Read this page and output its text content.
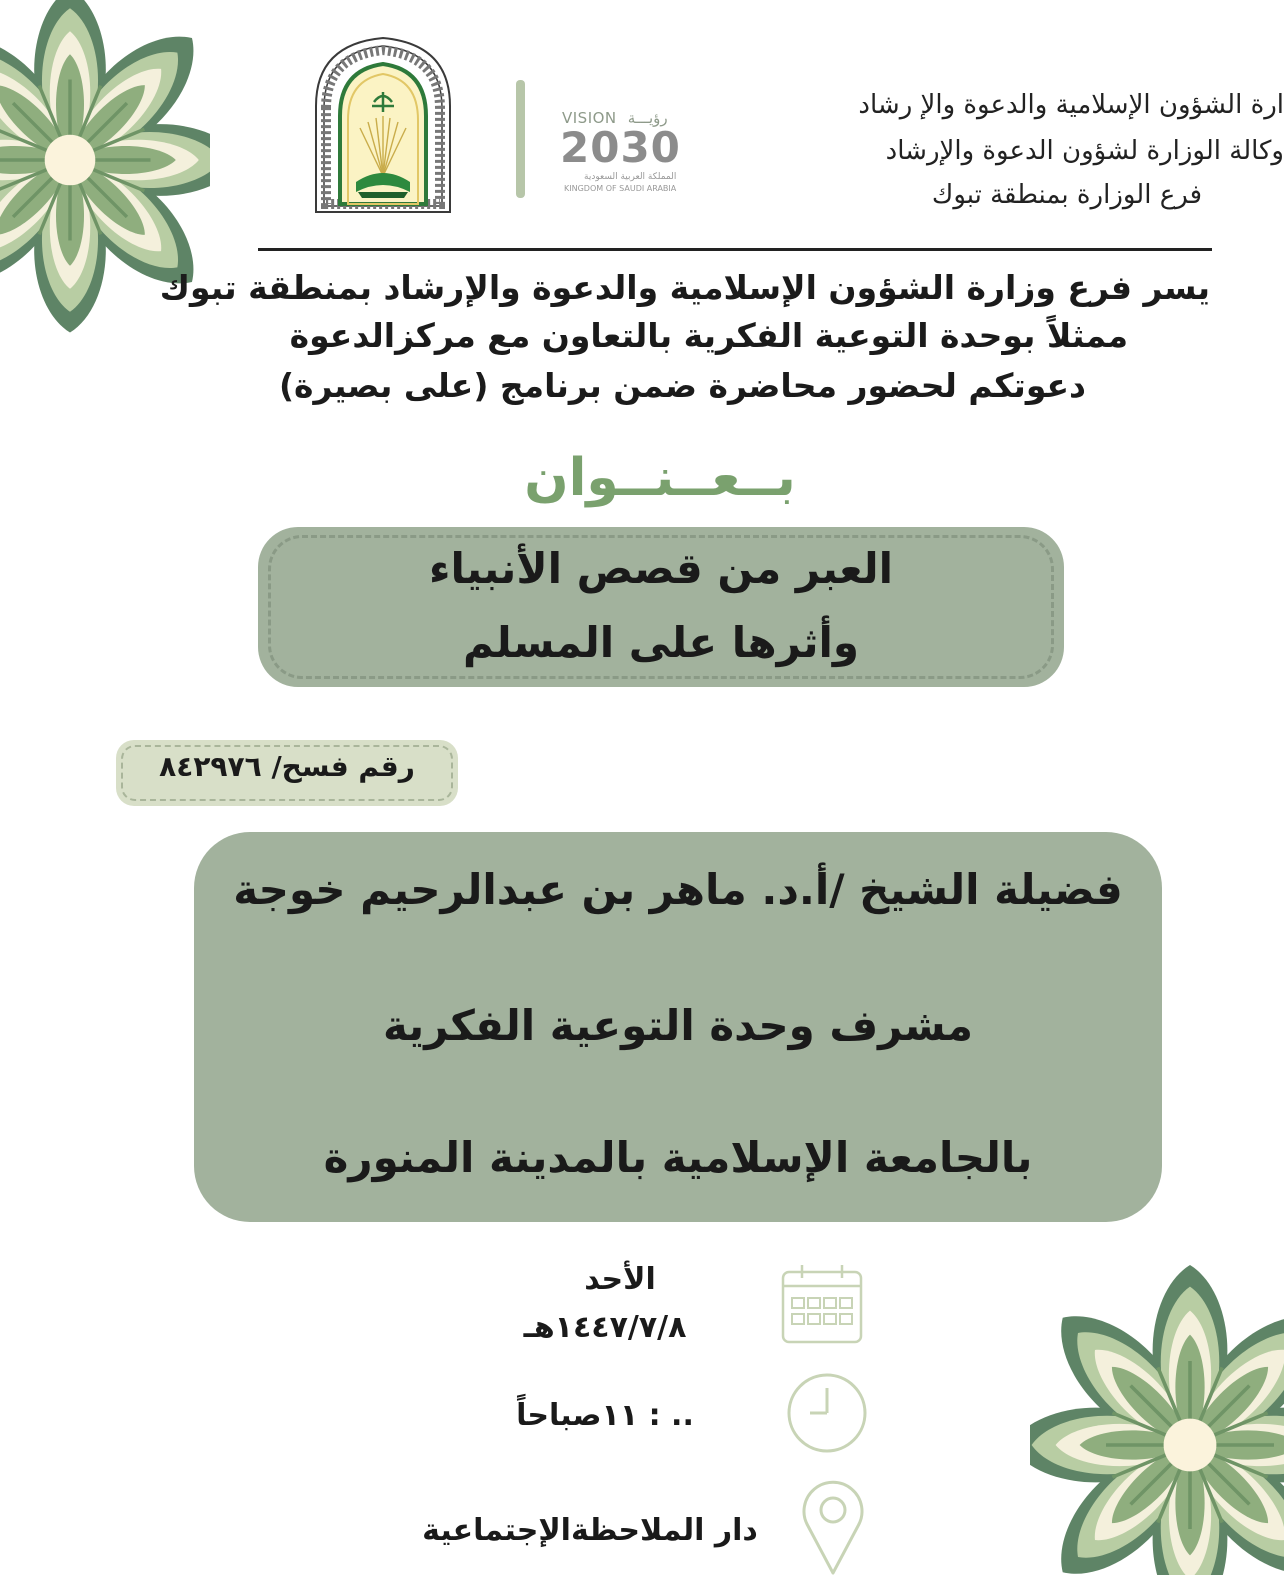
ارة الشؤون الإسلامية والدعوة والإ رشاد
وكالة الوزارة لشؤون الدعوة والإرشاد
فرع الوزارة بمنطقة تبوك
VISION رؤيـــة
2030
المملكة العربية السعودية
KINGDOM OF SAUDI ARABIA
يسر فرع وزارة الشؤون الإسلامية والدعوة والإرشاد بمنطقة تبوك
ممثلاً بوحدة التوعية الفكرية بالتعاون مع مركزالدعوة
دعوتكم لحضور محاضرة ضمن برنامج (على بصيرة)
بــعــنــوان
العبر من قصص الأنبياء
وأثرها على المسلم
رقم فسح/ ٨٤٢٩٧٦
فضيلة الشيخ /أ.د. ماهر بن عبدالرحيم خوجة
مشرف وحدة التوعية الفكرية
بالجامعة الإسلامية بالمدينة المنورة
الأحد
١٤٤٧/٧/٨هـ
.. : ١١صباحاً
دار الملاحظةالإجتماعية
